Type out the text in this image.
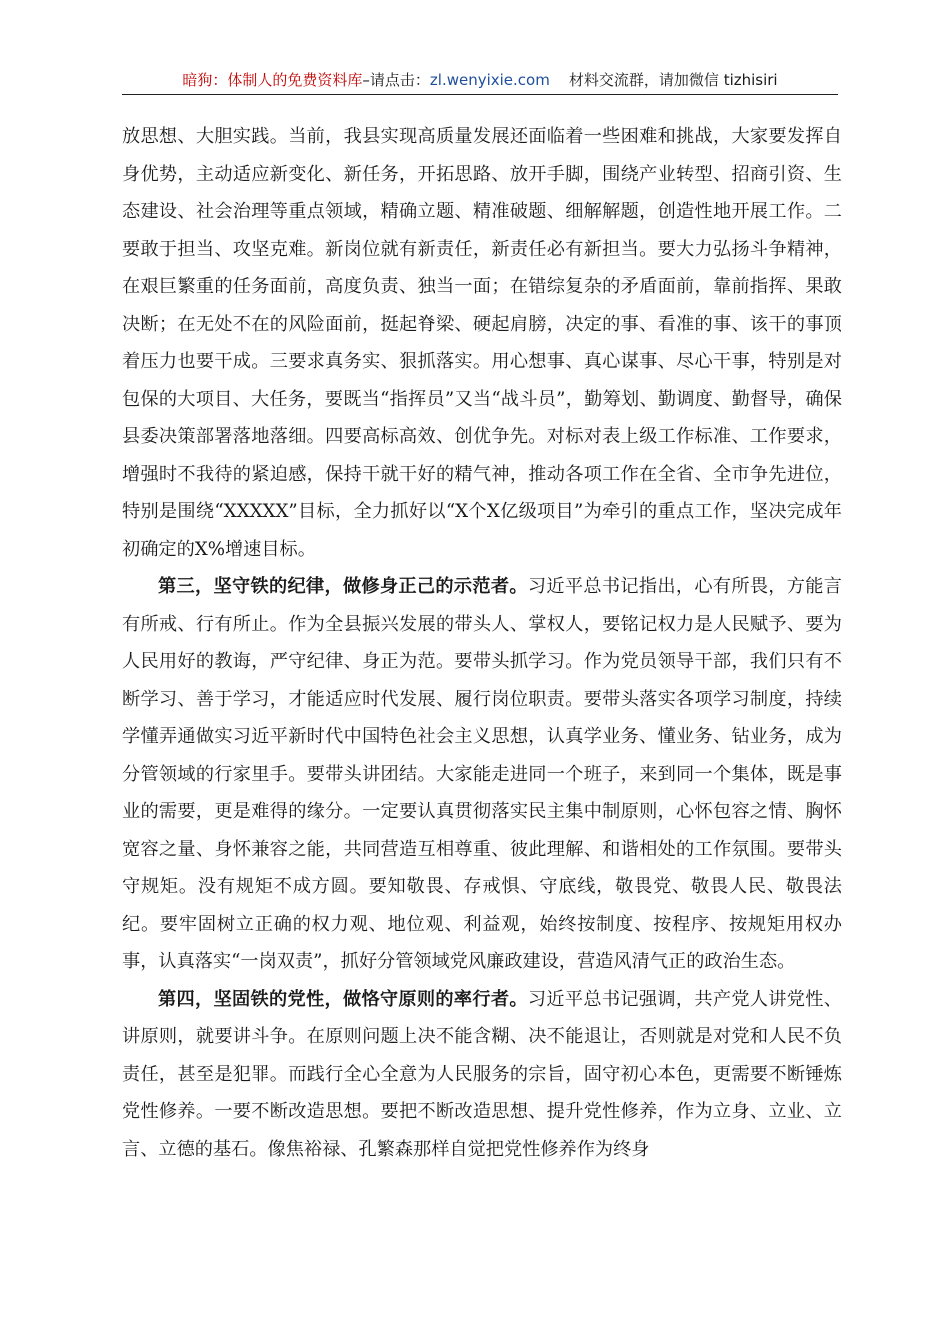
暗狗：体制人的免费资料库–请点击：zl.wenyixie.com 材料交流群，请加微信 tizhisiri

放思想、大胆实践。当前，我县实现高质量发展还面临着一些困难和挑战，大家要发挥自身优势，主动适应新变化、新任务，开拓思路、放开手脚，围绕产业转型、招商引资、生态建设、社会治理等重点领域，精确立题、精准破题、细解解题，创造性地开展工作。二要敢于担当、攻坚克难。新岗位就有新责任，新责任必有新担当。要大力弘扬斗争精神，在艰巨繁重的任务面前，高度负责、独当一面；在错综复杂的矛盾面前，靠前指挥、果敢决断；在无处不在的风险面前，挺起脊梁、硬起肩膀，决定的事、看准的事、该干的事顶着压力也要干成。三要求真务实、狠抓落实。用心想事、真心谋事、尽心干事，特别是对包保的大项目、大任务，要既当“指挥员”又当“战斗员”，勤筹划、勤调度、勤督导，确保县委决策部署落地落细。四要高标高效、创优争先。对标对表上级工作标准、工作要求，增强时不我待的紧迫感，保持干就干好的精气神，推动各项工作在全省、全市争先进位，特别是围绕“XXXXX”目标，全力抓好以“X个X亿级项目”为牵引的重点工作，坚决完成年初确定的X%增速目标。

第三，坚守铁的纪律，做修身正己的示范者。习近平总书记指出，心有所畏，方能言有所戒、行有所止。作为全县振兴发展的带头人、掌权人，要铭记权力是人民赋予、要为人民用好的教诲，严守纪律、身正为范。要带头抓学习。作为党员领导干部，我们只有不断学习、善于学习，才能适应时代发展、履行岗位职责。要带头落实各项学习制度，持续学懂弄通做实习近平新时代中国特色社会主义思想，认真学业务、懂业务、钻业务，成为分管领域的行家里手。要带头讲团结。大家能走进同一个班子，来到同一个集体，既是事业的需要，更是难得的缘分。一定要认真贯彻落实民主集中制原则，心怀包容之情、胸怀宽容之量、身怀兼容之能，共同营造互相尊重、彼此理解、和谐相处的工作氛围。要带头守规矩。没有规矩不成方圆。要知敬畏、存戒惧、守底线，敬畏党、敬畏人民、敬畏法纪。要牢固树立正确的权力观、地位观、利益观，始终按制度、按程序、按规矩用权办事，认真落实“一岗双责”，抓好分管领域党风廉政建设，营造风清气正的政治生态。

第四，坚固铁的党性，做恪守原则的率行者。习近平总书记强调，共产党人讲党性、讲原则，就要讲斗争。在原则问题上决不能含糊、决不能退让，否则就是对党和人民不负责任，甚至是犯罪。而践行全心全意为人民服务的宗旨，固守初心本色，更需要不断锤炼党性修养。一要不断改造思想。要把不断改造思想、提升党性修养，作为立身、立业、立言、立德的基石。像焦裕禄、孔繁森那样自觉把党性修养作为终身
